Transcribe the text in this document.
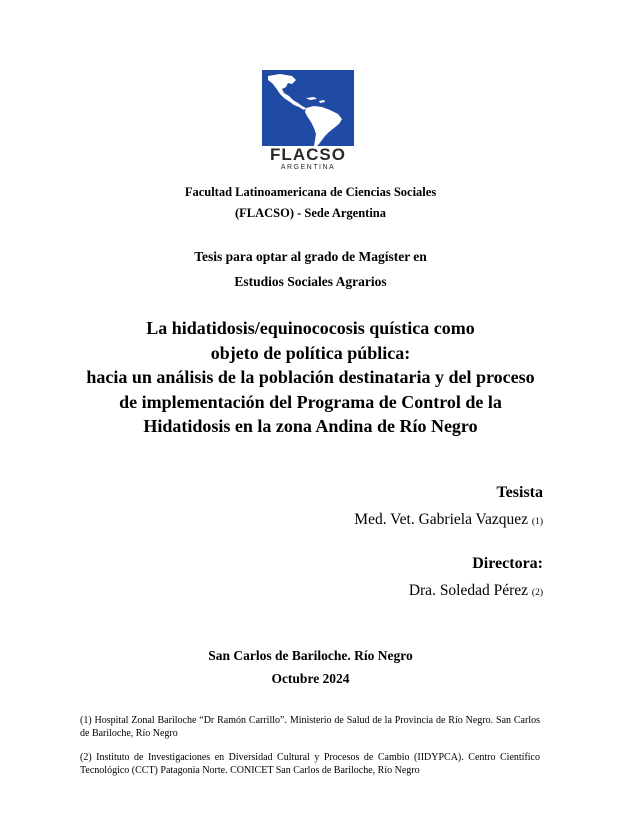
FLACSO
ARGENTINA
Facultad Latinoamericana de Ciencias Sociales
(FLACSO) - Sede Argentina
Tesis para optar al grado de Magíster en
Estudios Sociales Agrarios
La hidatidosis/equinococosis quística como
objeto de política pública:
hacia un análisis de la población destinataria y del proceso
de implementación del Programa de Control de la
Hidatidosis en la zona Andina de Río Negro
Tesista
Med. Vet. Gabriela Vazquez (1)
Directora:
Dra. Soledad Pérez (2)
San Carlos de Bariloche. Río Negro
Octubre 2024
(1) Hospital Zonal Bariloche “Dr Ramón Carrillo”. Ministerio de Salud de la Provincia de Río Negro. San Carlos de Bariloche, Río Negro
(2) Instituto de Investigaciones en Diversidad Cultural y Procesos de Cambio (IIDYPCA). Centro Científico Tecnológico (CCT) Patagonia Norte. CONICET San Carlos de Bariloche, Río Negro
